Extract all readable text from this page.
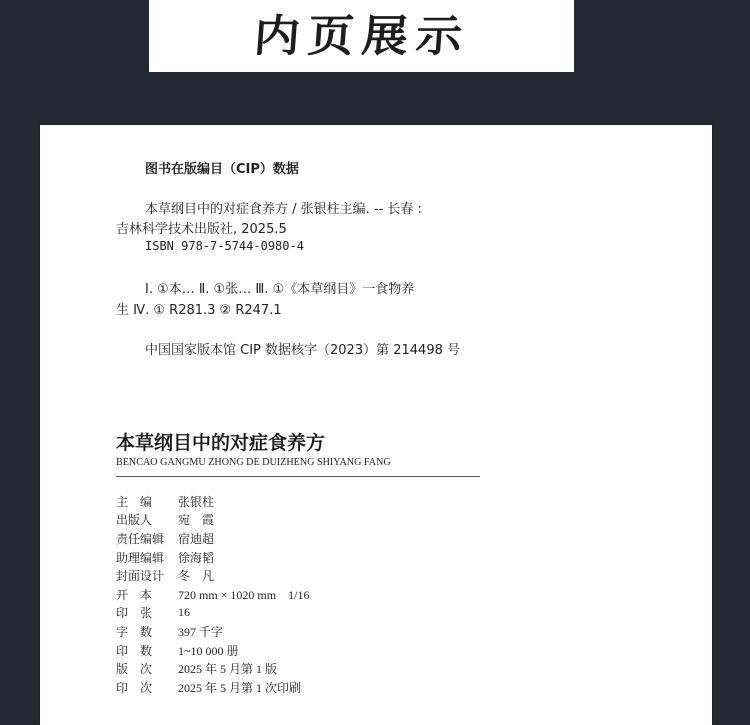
内页展示
图书在版编目（CIP）数据
本草纲目中的对症食养方 / 张银柱主编. -- 长春 :
吉林科学技术出版社, 2025.5
ISBN 978-7-5744-0980-4
Ⅰ. ①本… Ⅱ. ①张… Ⅲ. ①《本草纲目》一食物养
生 Ⅳ. ① R281.3 ② R247.1
中国国家版本馆 CIP 数据核字（2023）第 214498 号
本草纲目中的对症食养方
BENCAO GANGMU ZHONG DE DUIZHENG SHIYANG FANG
主　编	张银柱
出版人	宛　霞
责任编辑	宿迪超
助理编辑	徐海韬
封面设计	冬　凡
开　本	720 mm × 1020 mm　1/16
印　张	16
字　数	397 千字
印　数	1~10 000 册
版　次	2025 年 5 月第 1 版
印　次	2025 年 5 月第 1 次印刷
